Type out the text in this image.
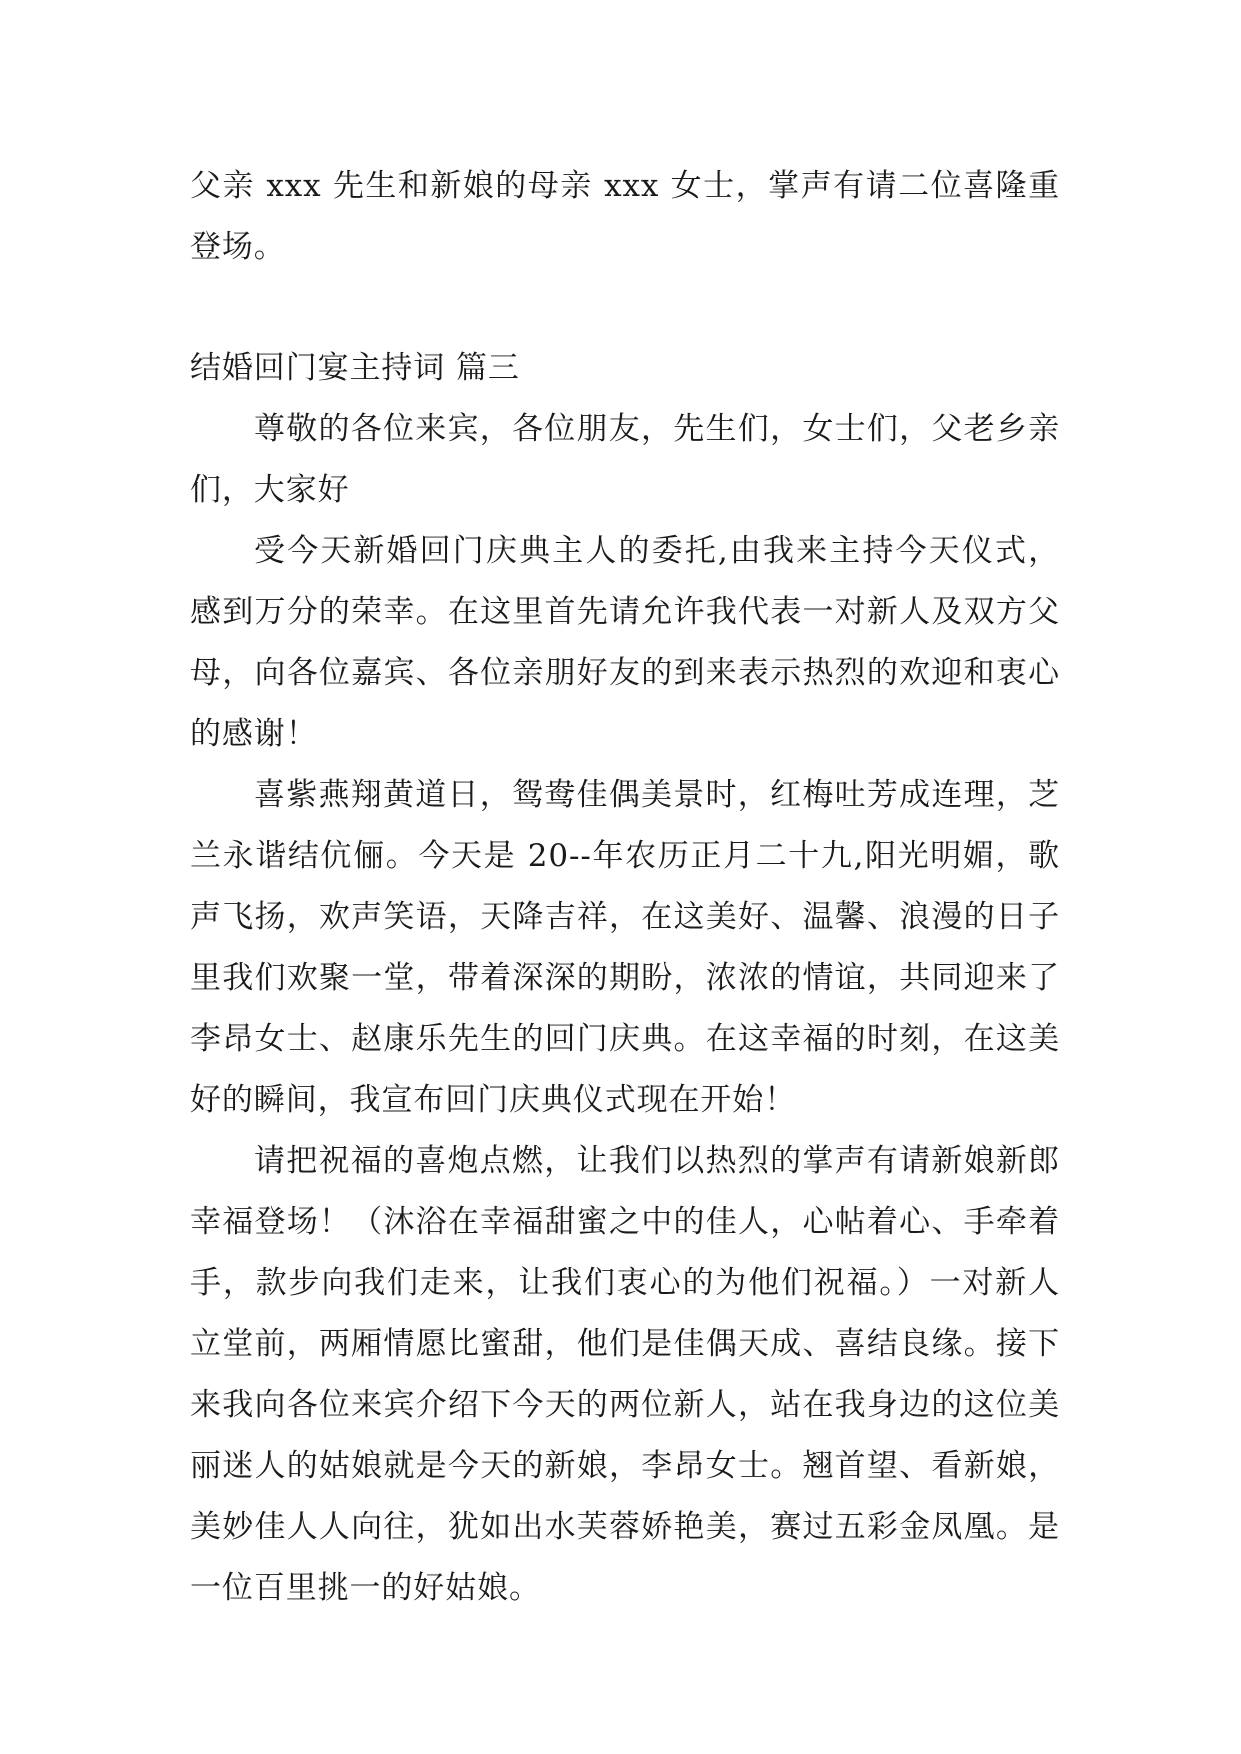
父亲 xxx 先生和新娘的母亲 xxx 女士，掌声有请二位喜隆重登场。

结婚回门宴主持词 篇三

尊敬的各位来宾，各位朋友，先生们，女士们，父老乡亲们，大家好

受今天新婚回门庆典主人的委托,由我来主持今天仪式，感到万分的荣幸。在这里首先请允许我代表一对新人及双方父母，向各位嘉宾、各位亲朋好友的到来表示热烈的欢迎和衷心的感谢！

喜紫燕翔黄道日，鸳鸯佳偶美景时，红梅吐芳成连理，芝兰永谐结伉俪。今天是 20--年农历正月二十九,阳光明媚，歌声飞扬，欢声笑语，天降吉祥，在这美好、温馨、浪漫的日子里我们欢聚一堂，带着深深的期盼，浓浓的情谊，共同迎来了李昂女士、赵康乐先生的回门庆典。在这幸福的时刻，在这美好的瞬间，我宣布回门庆典仪式现在开始！

请把祝福的喜炮点燃，让我们以热烈的掌声有请新娘新郎幸福登场！（沐浴在幸福甜蜜之中的佳人，心帖着心、手牵着手，款步向我们走来，让我们衷心的为他们祝福。）一对新人立堂前，两厢情愿比蜜甜，他们是佳偶天成、喜结良缘。接下来我向各位来宾介绍下今天的两位新人，站在我身边的这位美丽迷人的姑娘就是今天的新娘，李昂女士。翘首望、看新娘，美妙佳人人向往，犹如出水芙蓉娇艳美，赛过五彩金凤凰。是一位百里挑一的好姑娘。
